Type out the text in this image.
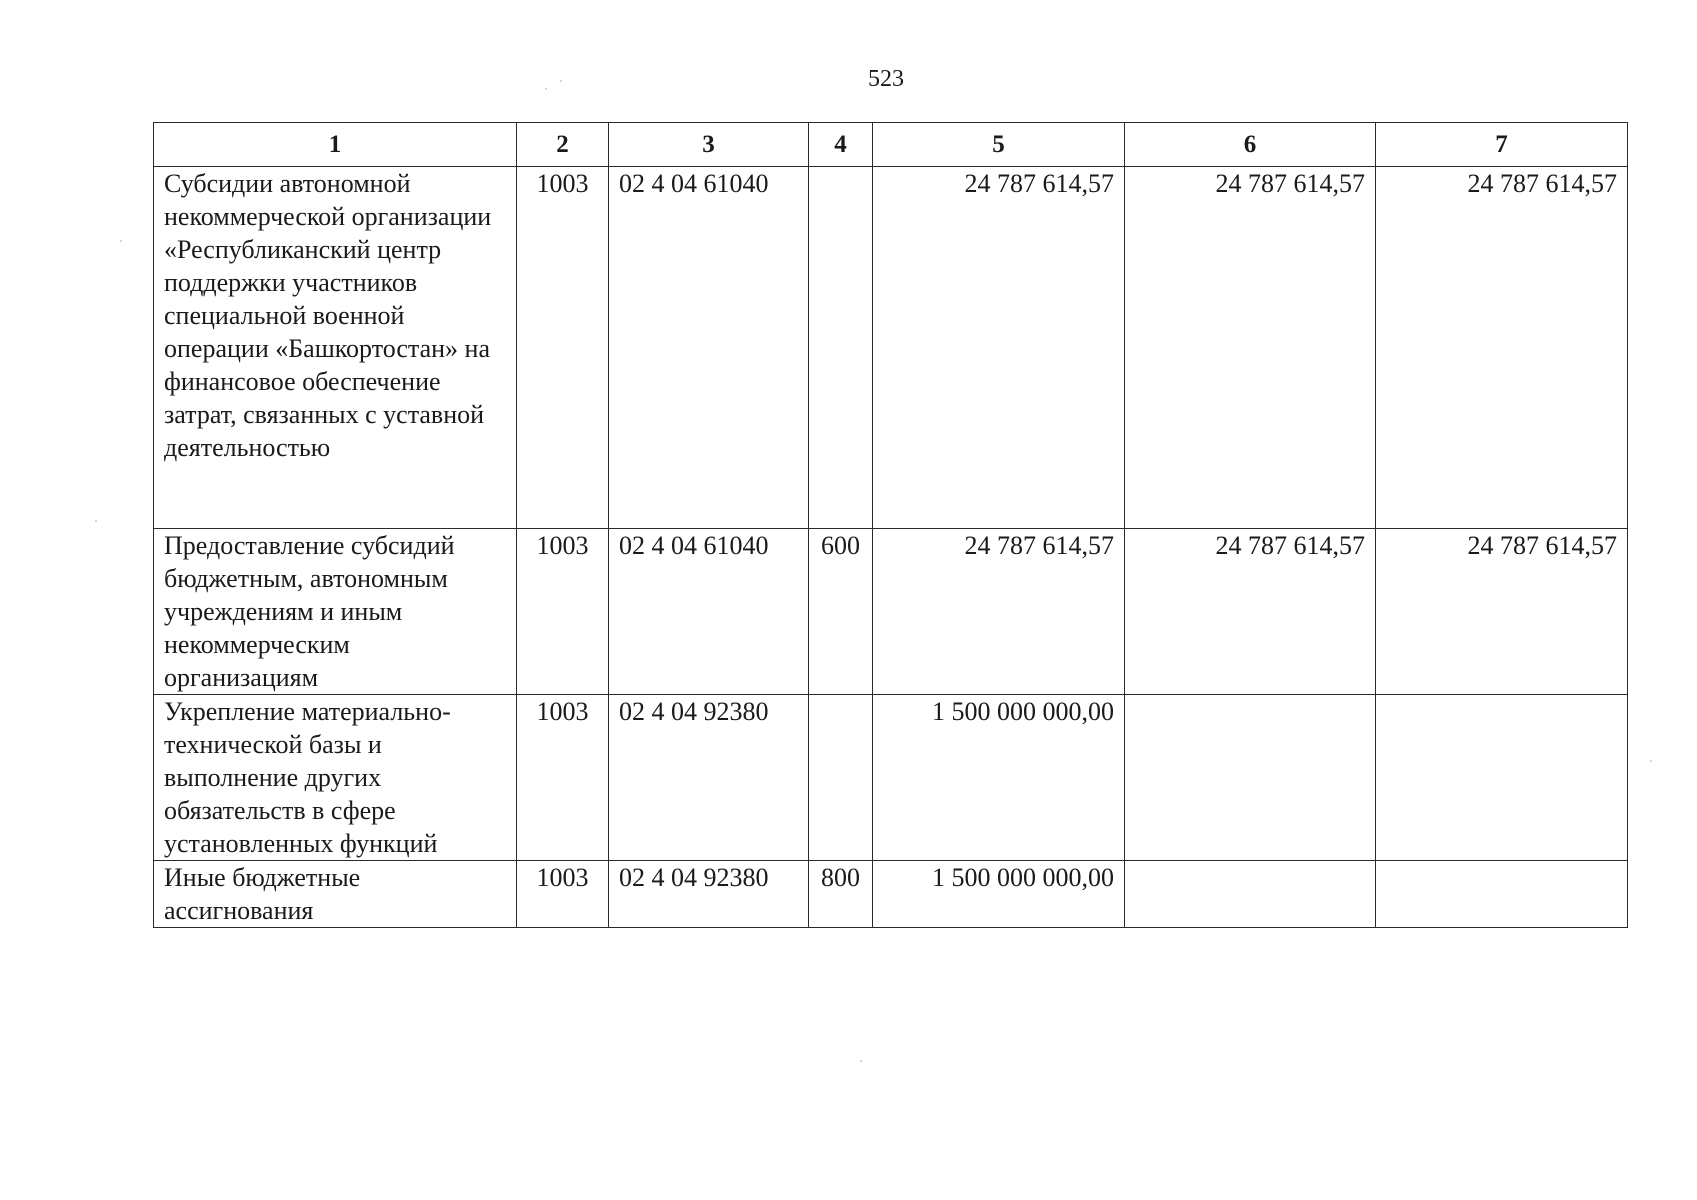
523
1	2	3	4	5	6	7
Субсидии автономной некоммерческой организации «Республиканский центр поддержки участников специальной военной операции «Башкортостан» на финансовое обеспечение затрат, связанных с уставной деятельностью	1003	02 4 04 61040		24 787 614,57	24 787 614,57	24 787 614,57
Предоставление субсидий бюджетным, автономным учреждениям и иным некоммерческим организациям	1003	02 4 04 61040	600	24 787 614,57	24 787 614,57	24 787 614,57
Укрепление материально-технической базы и выполнение других обязательств в сфере установленных функций	1003	02 4 04 92380		1 500 000 000,00		
Иные бюджетные ассигнования	1003	02 4 04 92380	800	1 500 000 000,00		
